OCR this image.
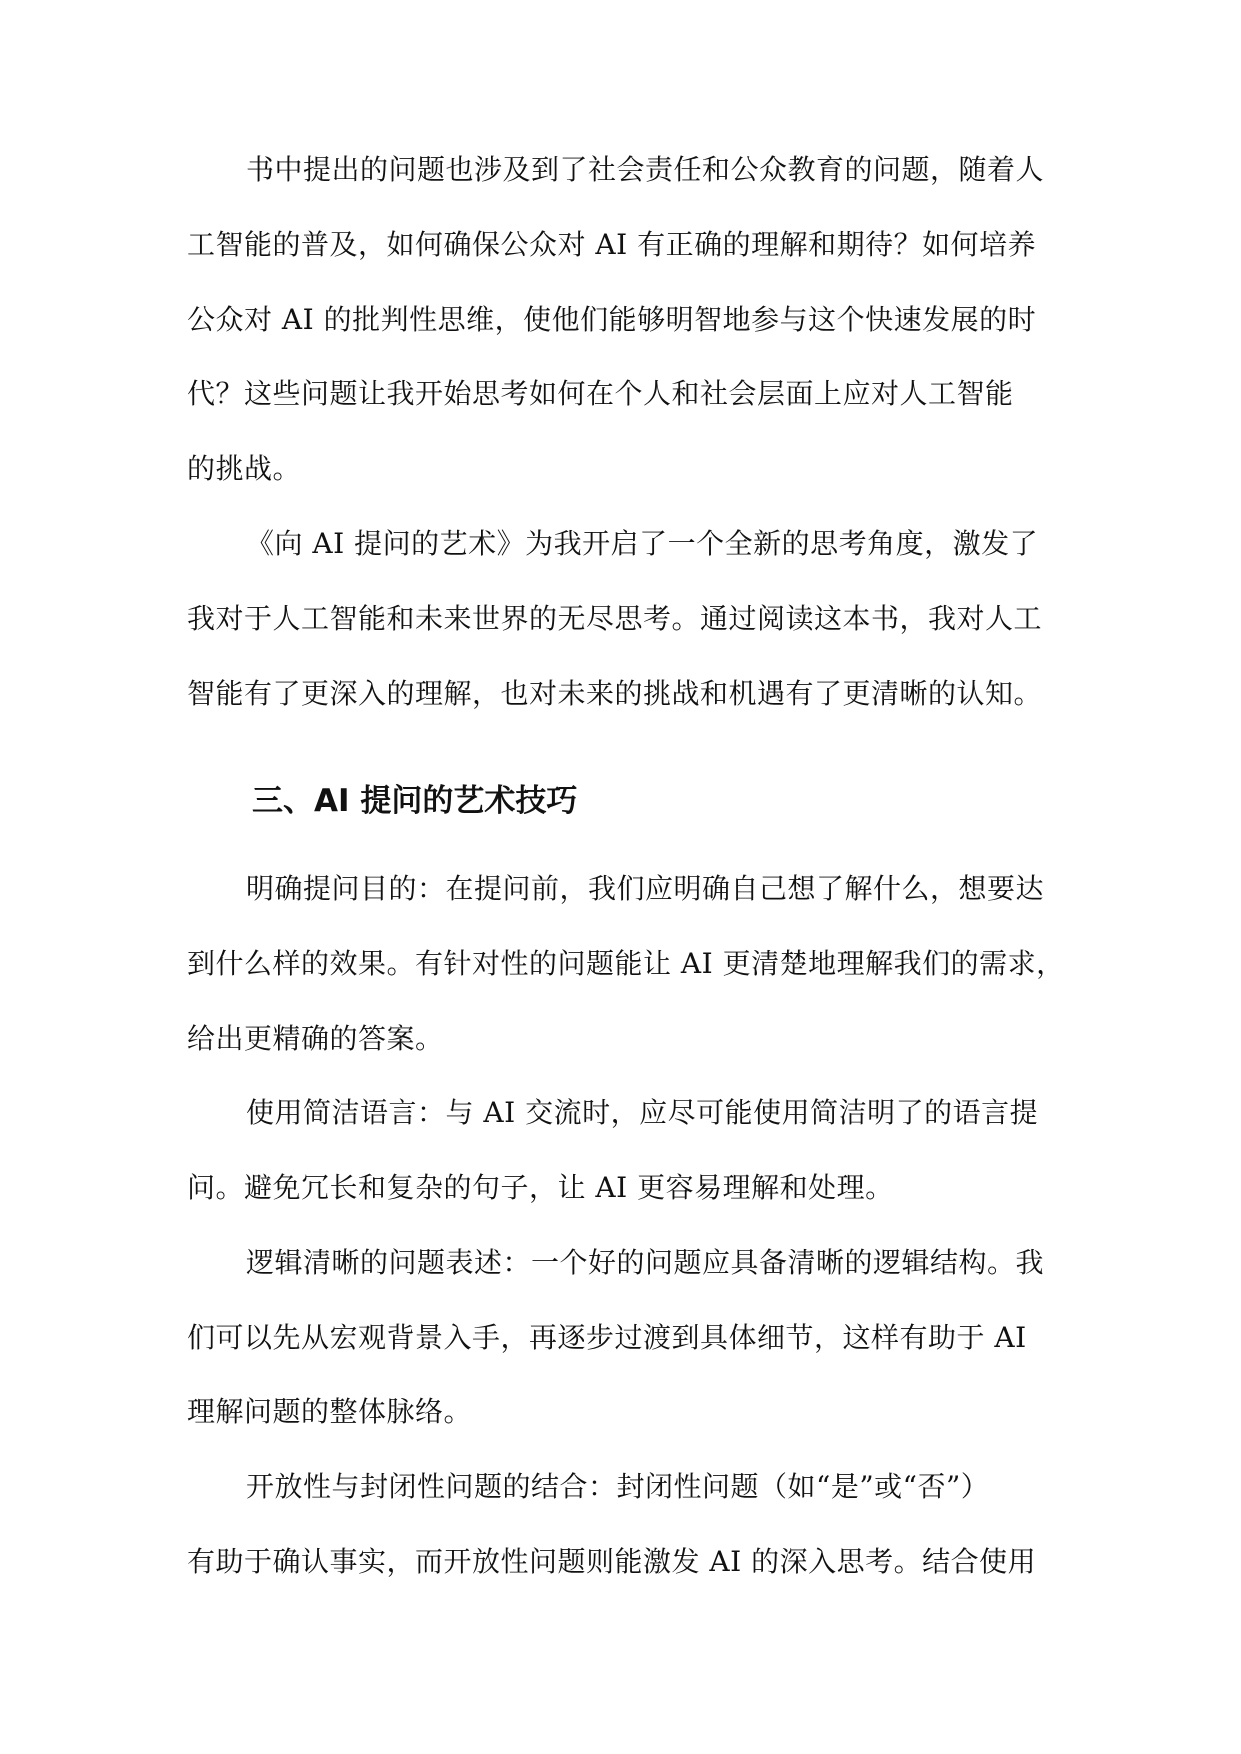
书中提出的问题也涉及到了社会责任和公众教育的问题，随着人

工智能的普及，如何确保公众对 AI 有正确的理解和期待？如何培养

公众对 AI 的批判性思维，使他们能够明智地参与这个快速发展的时

代？这些问题让我开始思考如何在个人和社会层面上应对人工智能

的挑战。

《向 AI 提问的艺术》为我开启了一个全新的思考角度，激发了

我对于人工智能和未来世界的无尽思考。通过阅读这本书，我对人工

智能有了更深入的理解，也对未来的挑战和机遇有了更清晰的认知。

三、AI 提问的艺术技巧

明确提问目的：在提问前，我们应明确自己想了解什么，想要达

到什么样的效果。有针对性的问题能让 AI 更清楚地理解我们的需求，

给出更精确的答案。

使用简洁语言：与 AI 交流时，应尽可能使用简洁明了的语言提

问。避免冗长和复杂的句子，让 AI 更容易理解和处理。

逻辑清晰的问题表述：一个好的问题应具备清晰的逻辑结构。我

们可以先从宏观背景入手，再逐步过渡到具体细节，这样有助于 AI

理解问题的整体脉络。

开放性与封闭性问题的结合：封闭性问题（如“是”或“否”）

有助于确认事实，而开放性问题则能激发 AI 的深入思考。结合使用
